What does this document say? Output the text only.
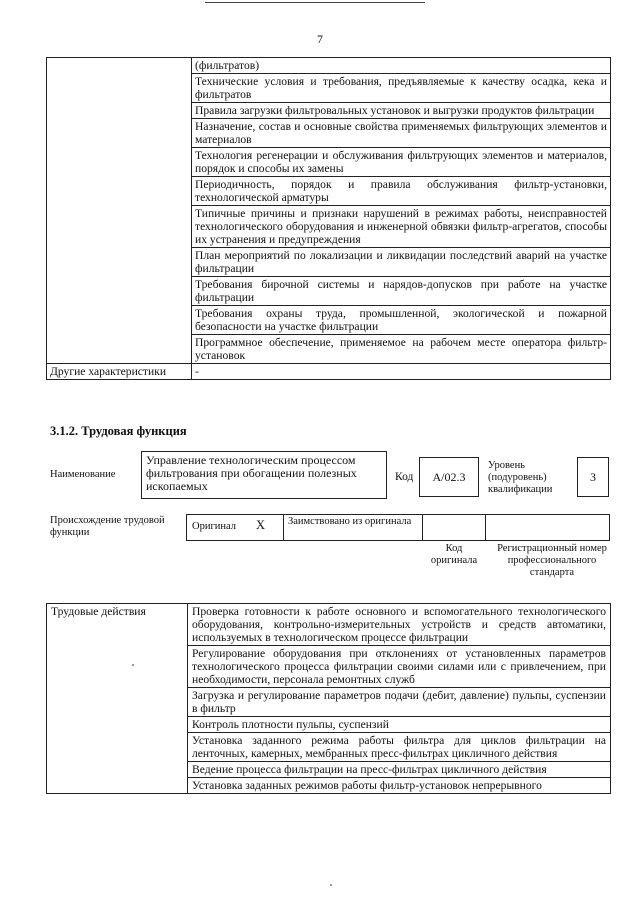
7
	(фильтратов)
	Технические условия и требования, предъявляемые к качеству осадка, кека и фильтратов
	Правила загрузки фильтровальных установок и выгрузки продуктов фильтрации
	Назначение, состав и основные свойства применяемых фильтрующих элементов и материалов
	Технология регенерации и обслуживания фильтрующих элементов и материалов, порядок и способы их замены
	Периодичность, порядок и правила обслуживания фильтр-установки, технологической арматуры
	Типичные причины и признаки нарушений в режимах работы, неисправностей технологического оборудования и инженерной обвязки фильтр-агрегатов, способы их устранения и предупреждения
	План мероприятий по локализации и ликвидации последствий аварий на участке фильтрации
	Требования бирочной системы и нарядов-допусков при работе на участке фильтрации
	Требования охраны труда, промышленной, экологической и пожарной безопасности на участке фильтрации
	Программное обеспечение, применяемое на рабочем месте оператора фильтр-установок
Другие характеристики	-
3.1.2. Трудовая функция
Наименование
Управление технологическим процессом фильтрования при обогащении полезных ископаемых
Код	А/02.3
Уровень (подуровень) квалификации
3
Происхождение трудовой функции
Оригинал X Заимствовано из оригинала
Код оригинала
Регистрационный номер профессионального стандарта
Трудовые действия	Проверка готовности к работе основного и вспомогательного технологического оборудования, контрольно-измерительных устройств и средств автоматики, используемых в технологическом процессе фильтрации
Регулирование оборудования при отклонениях от установленных параметров технологического процесса фильтрации своими силами или с привлечением, при необходимости, персонала ремонтных служб
Загрузка и регулирование параметров подачи (дебит, давление) пульпы, суспензии в фильтр
Контроль плотности пульпы, суспензий
Установка заданного режима работы фильтра для циклов фильтрации на ленточных, камерных, мембранных пресс-фильтрах цикличного действия
Ведение процесса фильтрации на пресс-фильтрах цикличного действия
Установка заданных режимов работы фильтр-установок непрерывного
